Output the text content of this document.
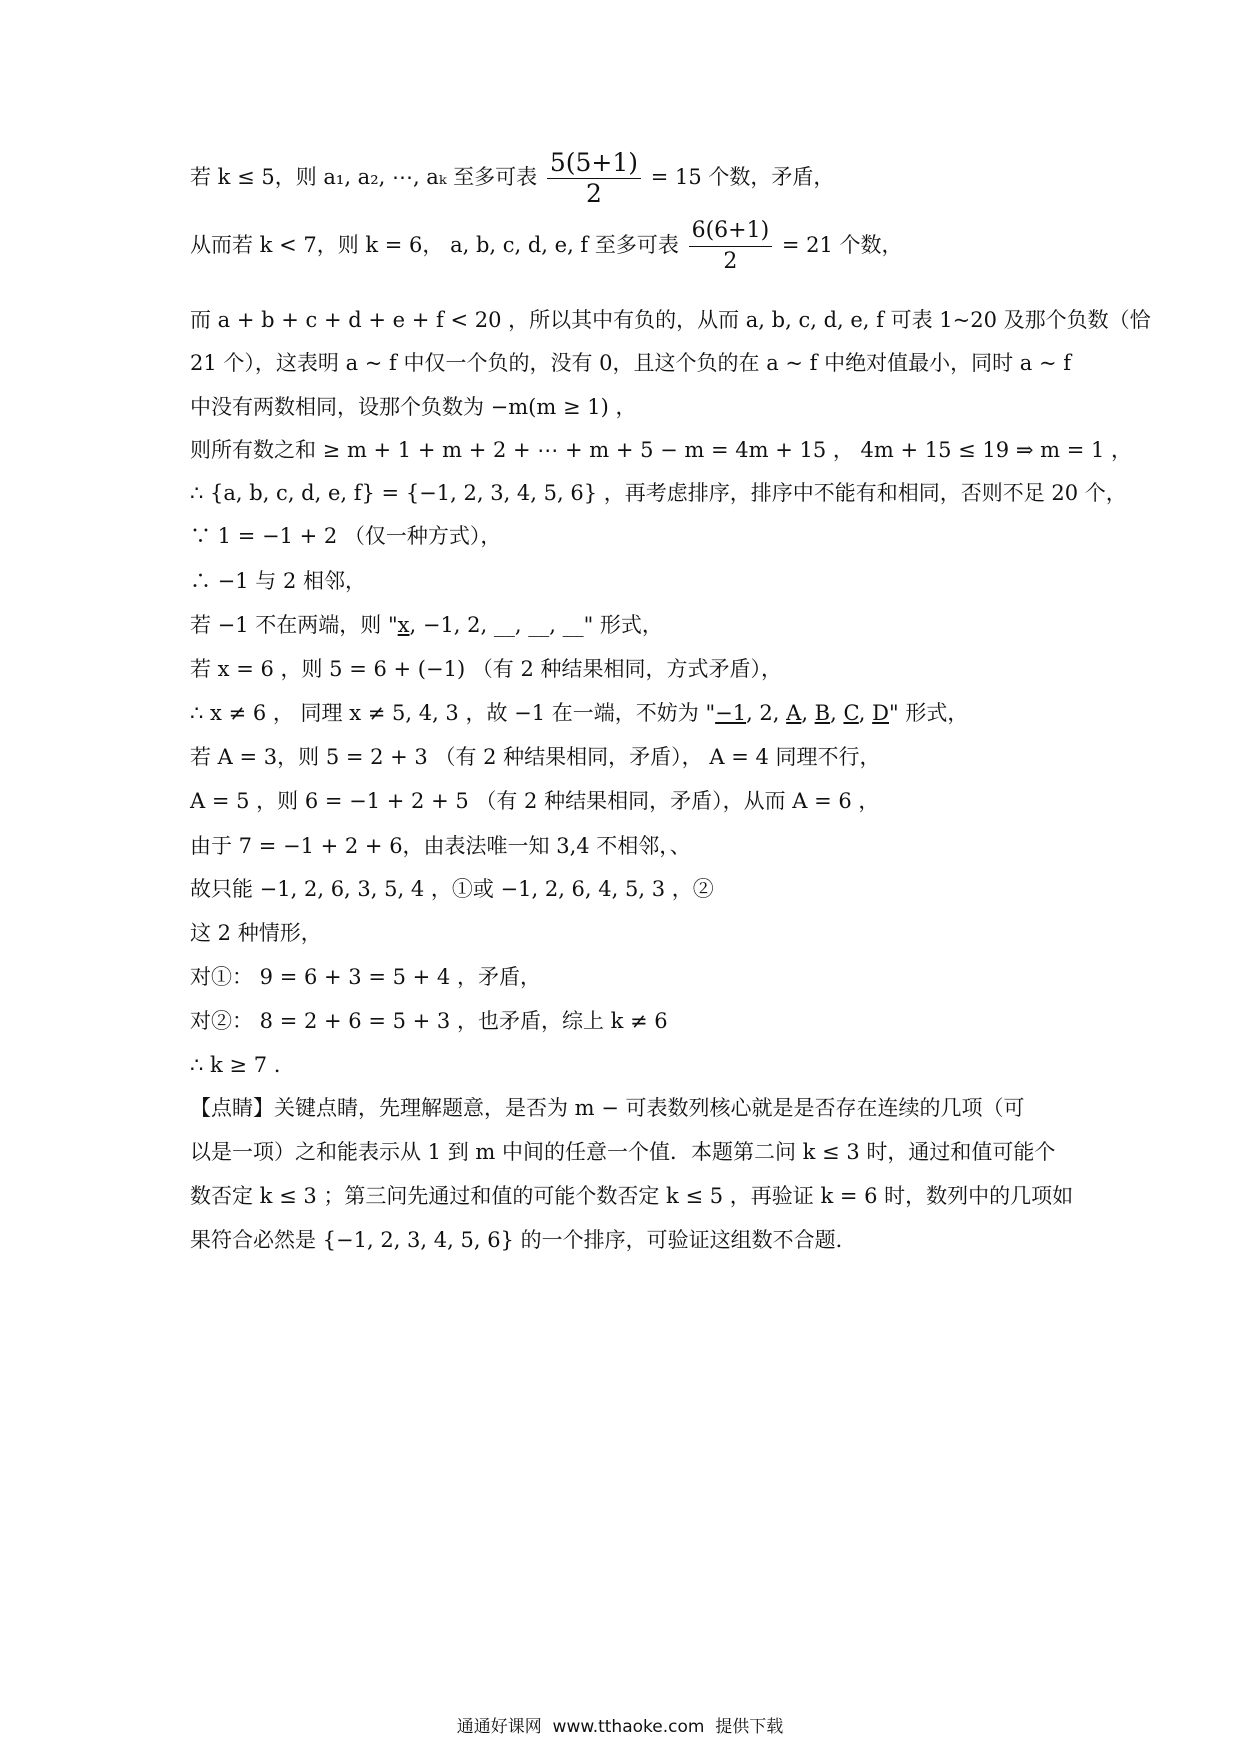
若 k ≤ 5，则 a₁, a₂, ⋯, aₖ 至多可表 $\frac{5(5+1)}{2} = 15$ 个数，矛盾，
从而若 k < 7，则 k = 6， a, b, c, d, e, f 至多可表 $\frac{6(6+1)}{2} = 21$ 个数，
而 a + b + c + d + e + f < 20 ，所以其中有负的，从而 a, b, c, d, e, f 可表 1~20 及那个负数（恰
21 个），这表明 a ~ f 中仅一个负的，没有 0，且这个负的在 a ~ f 中绝对值最小，同时 a ~ f
中没有两数相同，设那个负数为 −m(m ≥ 1) ，
则所有数之和 ≥ m + 1 + m + 2 + ⋯ + m + 5 − m = 4m + 15 ， 4m + 15 ≤ 19 ⇒ m = 1 ，
∴ {a, b, c, d, e, f} = {−1, 2, 3, 4, 5, 6} ，再考虑排序，排序中不能有和相同，否则不足 20 个，
∵ 1 = −1 + 2 （仅一种方式），
∴ −1 与 2 相邻，
若 −1 不在两端，则 "x, −1, 2, __, __, __" 形式，
若 x = 6 ，则 5 = 6 + (−1) （有 2 种结果相同，方式矛盾），
∴ x ≠ 6 ， 同理 x ≠ 5, 4, 3 ，故 −1 在一端，不妨为 "−1, 2, A, B, C, D" 形式，
若 A = 3，则 5 = 2 + 3 （有 2 种结果相同，矛盾）， A = 4 同理不行，
A = 5 ，则 6 = −1 + 2 + 5 （有 2 种结果相同，矛盾），从而 A = 6 ，
由于 7 = −1 + 2 + 6，由表法唯一知 3,4 不相邻，、
故只能 −1, 2, 6, 3, 5, 4 ，①或 −1, 2, 6, 4, 5, 3 ，②
这 2 种情形，
对①： 9 = 6 + 3 = 5 + 4 ，矛盾，
对②： 8 = 2 + 6 = 5 + 3 ，也矛盾，综上 k ≠ 6
∴ k ≥ 7 .
【点睛】关键点睛，先理解题意，是否为 m − 可表数列核心就是是否存在连续的几项（可
以是一项）之和能表示从 1 到 m 中间的任意一个值．本题第二问 k ≤ 3 时，通过和值可能个
数否定 k ≤ 3 ；第三问先通过和值的可能个数否定 k ≤ 5 ，再验证 k = 6 时，数列中的几项如
果符合必然是 {−1, 2, 3, 4, 5, 6} 的一个排序，可验证这组数不合题．
通通好课网  www.tthaoke.com  提供下载
